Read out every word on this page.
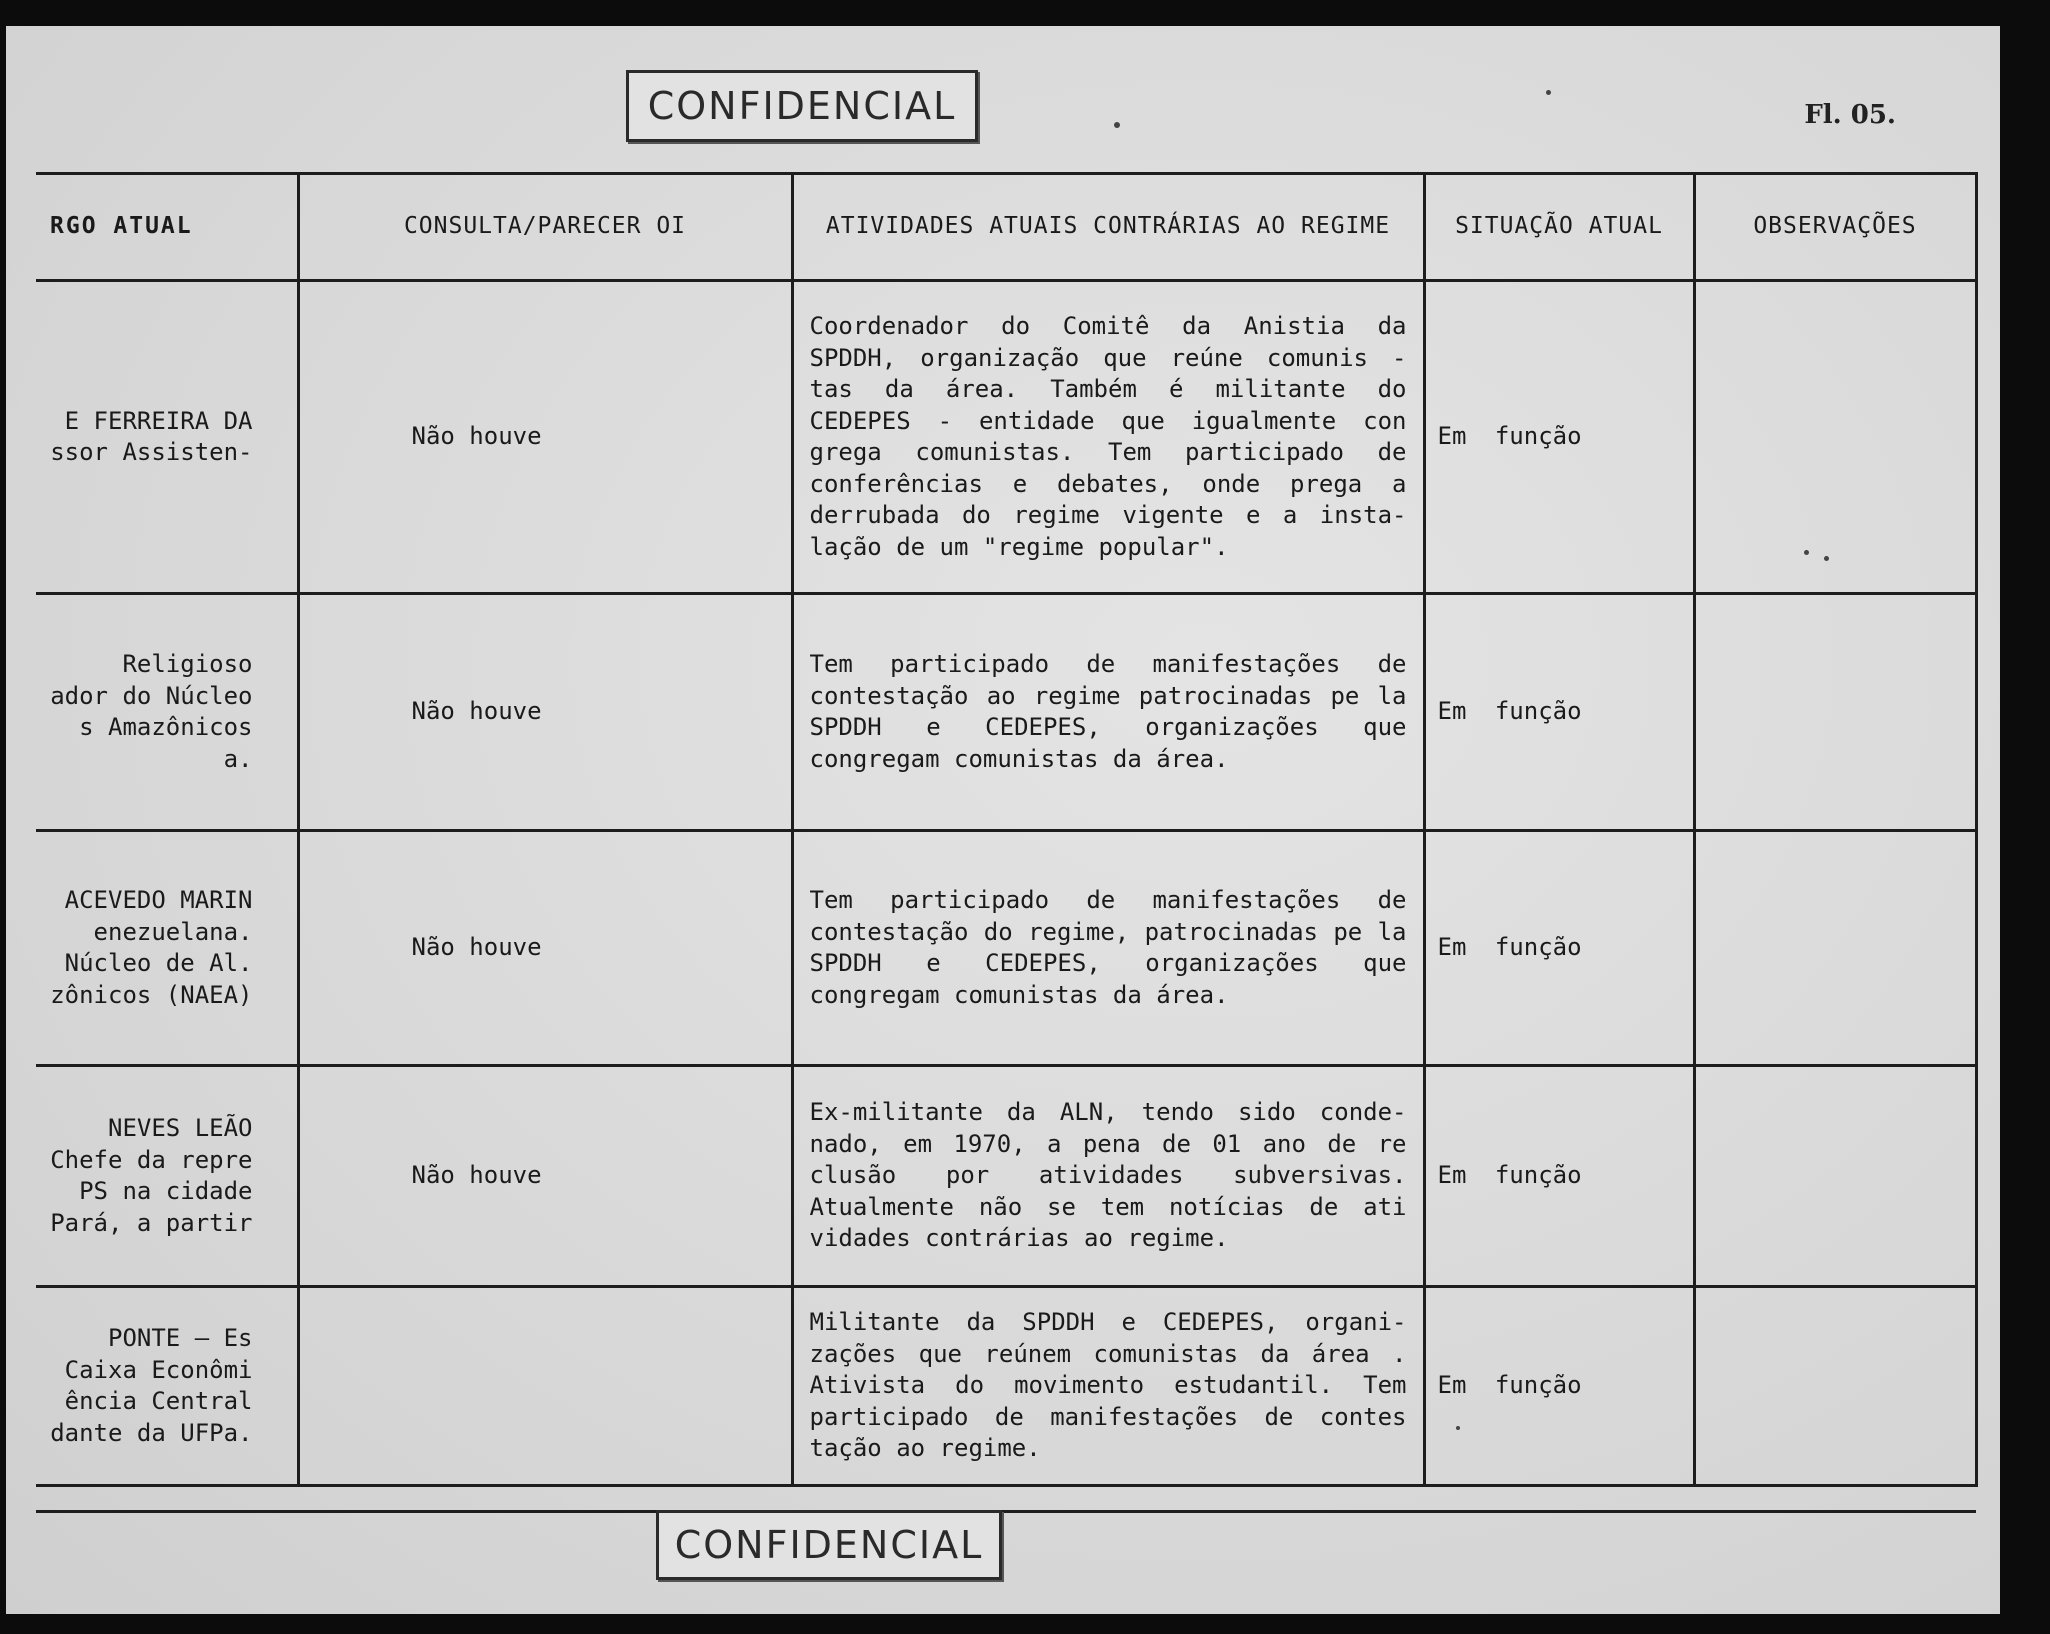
CONFIDENCIAL	Fl. 05.
RGO ATUAL	CONSULTA/PARECER OI	ATIVIDADES ATUAIS CONTRÁRIAS AO REGIME	SITUAÇÃO ATUAL	OBSERVAÇÕES
E FERREIRA DA
ssor Assisten-	Não houve	Coordenador do Comitê da Anistia da SPDDH, organização que reúne comunis - tas da área. Também é militante do CEDEPES - entidade que igualmente con grega comunistas. Tem participado de conferências e debates, onde prega a derrubada do regime vigente e a insta- lação de um "regime popular".	Em função	
Religioso
ador do Núcleo
s Amazônicos
a.	Não houve	Tem participado de manifestações de contestação ao regime patrocinadas pe la SPDDH e CEDEPES, organizações que congregam comunistas da área.	Em função	
ACEVEDO MARIN
enezuelana.
Núcleo de Al.
zônicos (NAEA)	Não houve	Tem participado de manifestações de contestação do regime, patrocinadas pe la SPDDH e CEDEPES, organizações que congregam comunistas da área.	Em função	
NEVES LEÃO
Chefe da repre
PS na cidade
Pará, a partir	Não houve	Ex-militante da ALN, tendo sido conde- nado, em 1970, a pena de 01 ano de re clusão por atividades subversivas. Atualmente não se tem notícias de ati vidades contrárias ao regime.	Em função	
PONTE — Es
Caixa Econômi
ência Central
dante da UFPa.		Militante da SPDDH e CEDEPES, organi- zações que reúnem comunistas da área . Ativista do movimento estudantil. Tem participado de manifestações de contes tação ao regime.	Em função	
CONFIDENCIAL
